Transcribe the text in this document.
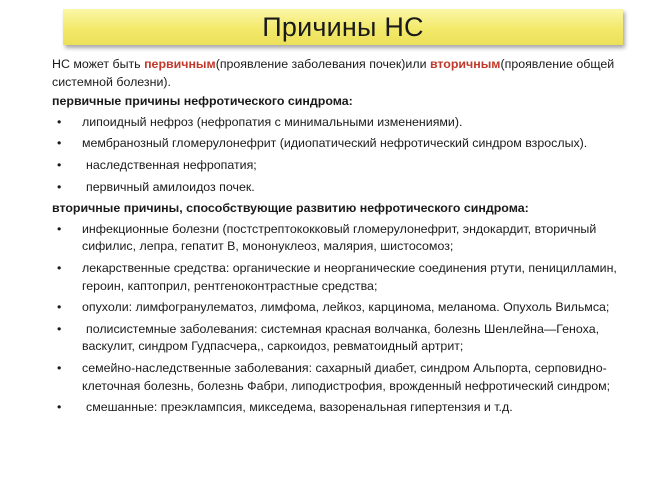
Причины НС
НС может быть первичным(проявление заболевания почек)или вторичным(проявление общей системной болезни).
первичные причины нефротического синдрома:
• липоидный нефроз (нефропатия с минимальными изменениями).
• мембранозный гломерулонефрит (идиопатический нефротический синдром взрослых).
• наследственная нефропатия;
• первичный амилоидоз почек.
вторичные причины, способствующие развитию нефротического синдрома:
• инфекционные болезни (постстрептококковый гломерулонефрит, эндокардит, вторичный сифилис, лепра, гепатит В, мононуклеоз, малярия, шистосомоз;
• лекарственные средства: органические и неорганические соединения ртути, пеницилламин, героин, каптоприл, рентгеноконтрастные средства;
• опухоли: лимфогранулематоз, лимфома, лейкоз, карцинома, меланома. Опухоль Вильмса;
• полисистемные заболевания: системная красная волчанка, болезнь Шенлейна—Геноха, васкулит, синдром Гудпасчера,, саркоидоз, ревматоидный артрит;
• семейно-наследственные заболевания: сахарный диабет, синдром Альпорта, серповидно-клеточная болезнь, болезнь Фабри, липодистрофия, врожденный нефротический синдром;
• смешанные: преэклампсия, микседема, вазоренальная гипертензия и т.д.
